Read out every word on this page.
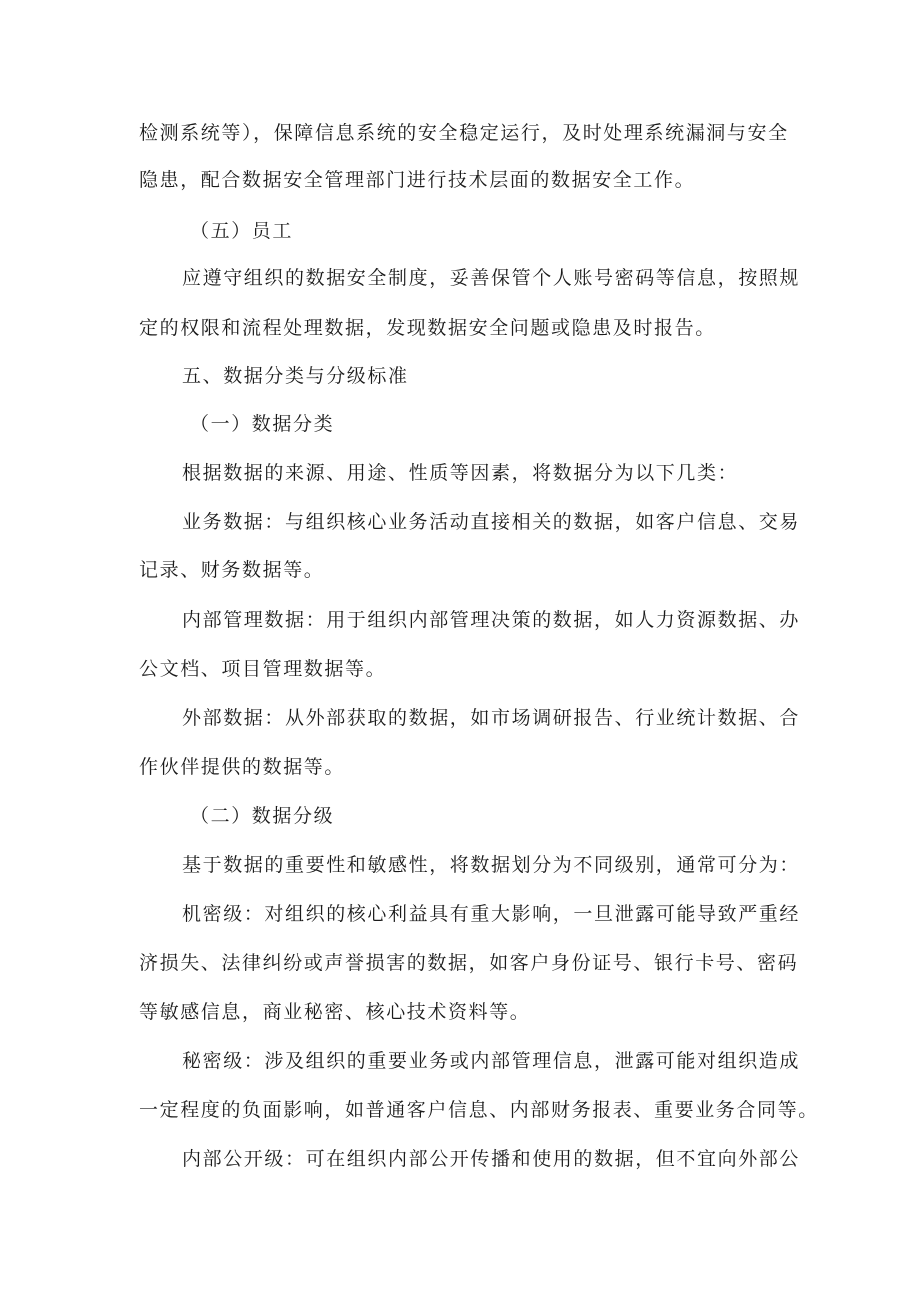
检测系统等），保障信息系统的安全稳定运行，及时处理系统漏洞与安全
隐患，配合数据安全管理部门进行技术层面的数据安全工作。
（五）员工
应遵守组织的数据安全制度，妥善保管个人账号密码等信息，按照规
定的权限和流程处理数据，发现数据安全问题或隐患及时报告。
五、数据分类与分级标准
（一）数据分类
根据数据的来源、用途、性质等因素，将数据分为以下几类：
业务数据：与组织核心业务活动直接相关的数据，如客户信息、交易
记录、财务数据等。
内部管理数据：用于组织内部管理决策的数据，如人力资源数据、办
公文档、项目管理数据等。
外部数据：从外部获取的数据，如市场调研报告、行业统计数据、合
作伙伴提供的数据等。
（二）数据分级
基于数据的重要性和敏感性，将数据划分为不同级别，通常可分为：
机密级：对组织的核心利益具有重大影响，一旦泄露可能导致严重经
济损失、法律纠纷或声誉损害的数据，如客户身份证号、银行卡号、密码
等敏感信息，商业秘密、核心技术资料等。
秘密级：涉及组织的重要业务或内部管理信息，泄露可能对组织造成
一定程度的负面影响，如普通客户信息、内部财务报表、重要业务合同等。
内部公开级：可在组织内部公开传播和使用的数据，但不宜向外部公
